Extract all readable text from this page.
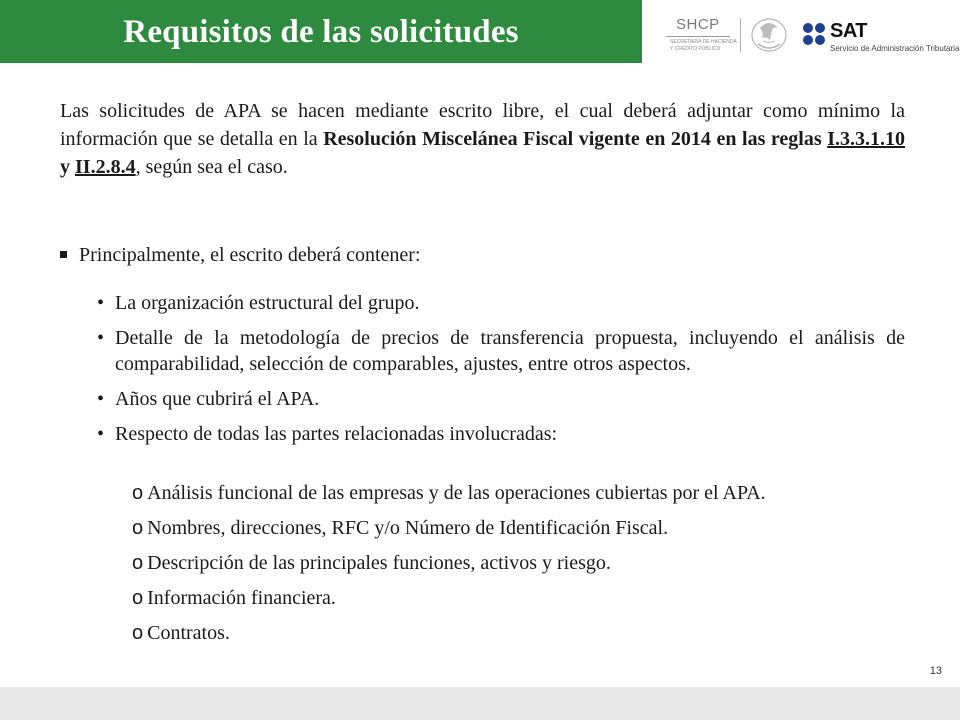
Requisitos de las solicitudes	SHCP
SECRETARÍA DE HACIENDA
Y CRÉDITO PÚBLICO
SAT
Servicio de Administración Tributaria

Las solicitudes de APA se hacen mediante escrito libre, el cual deberá adjuntar como mínimo la información que se detalla en la Resolución Miscelánea Fiscal vigente en 2014 en las reglas I.3.3.1.10 y II.2.8.4, según sea el caso.

Principalmente, el escrito deberá contener:
• La organización estructural del grupo.
• Detalle de la metodología de precios de transferencia propuesta, incluyendo el análisis de comparabilidad, selección de comparables, ajustes, entre otros aspectos.
• Años que cubrirá el APA.
• Respecto de todas las partes relacionadas involucradas:
o Análisis funcional de las empresas y de las operaciones cubiertas por el APA.
o Nombres, direcciones, RFC y/o Número de Identificación Fiscal.
o Descripción de las principales funciones, activos y riesgo.
o Información financiera.
o Contratos.
13
